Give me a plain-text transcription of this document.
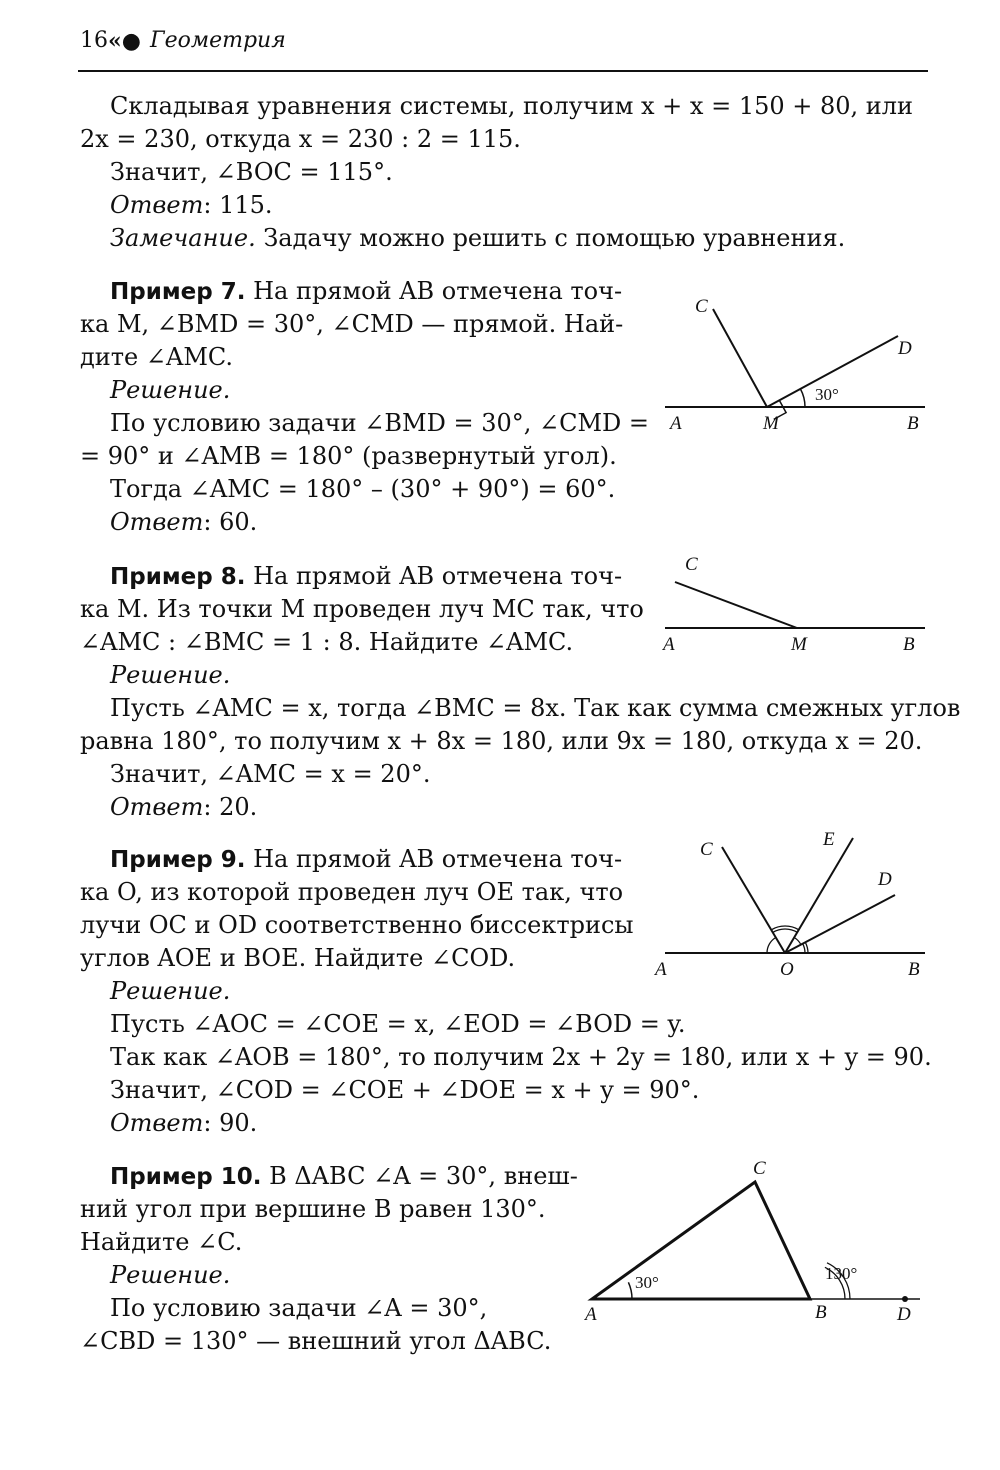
16 «● Геометрия
Складывая уравнения системы, получим x + x = 150 + 80, или
2x = 230, откуда x = 230 : 2 = 115.
Значит, ∠BOC = 115°.
Ответ: 115.
Замечание. Задачу можно решить с помощью уравнения.
Пример 7. На прямой AB отмечена точ-
ка M, ∠BMD = 30°, ∠CMD — прямой. Най-
дите ∠AMC.
Решение.
По условию задачи ∠BMD = 30°, ∠CMD =
= 90° и ∠AMB = 180° (развернутый угол).
Тогда ∠AMC = 180° – (30° + 90°) = 60°.
Ответ: 60.
A	M	B
C
D
30°
Пример 8. На прямой AB отмечена точ-
ка M. Из точки M проведен луч MC так, что
∠AMC : ∠BMC = 1 : 8. Найдите ∠AMC.
Решение.
Пусть ∠AMC = x, тогда ∠BMC = 8x. Так как сумма смежных углов
равна 180°, то получим x + 8x = 180, или 9x = 180, откуда x = 20.
Значит, ∠AMC = x = 20°.
Ответ: 20.
A	M	B
C
Пример 9. На прямой AB отмечена точ-
ка O, из которой проведен луч OE так, что
лучи OC и OD соответственно биссектрисы
углов AOE и BOE. Найдите ∠COD.
Решение.
Пусть ∠AOC = ∠COE = x, ∠EOD = ∠BOD = y.
Так как ∠AOB = 180°, то получим 2x + 2y = 180, или x + y = 90.
Значит, ∠COD = ∠COE + ∠DOE = x + y = 90°.
Ответ: 90.
A	O	B
C	E
D
Пример 10. В ΔABC ∠A = 30°, внеш-
ний угол при вершине B равен 130°.
Найдите ∠C.
Решение.
По условию задачи ∠A = 30°,
∠CBD = 130° — внешний угол ΔABC.
A	B
C
D
30°	130°
